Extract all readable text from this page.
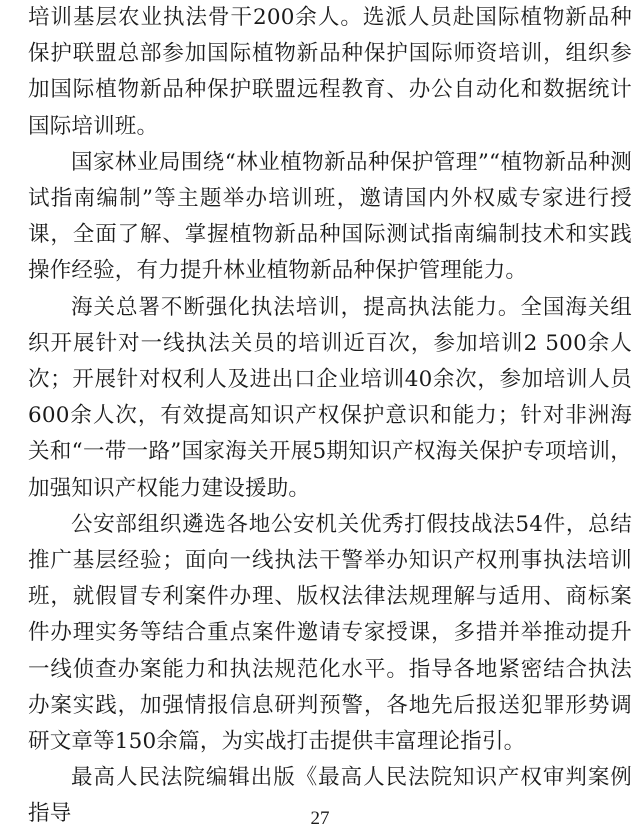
培训基层农业执法骨干200余人。选派人员赴国际植物新品种保护联盟总部参加国际植物新品种保护国际师资培训，组织参加国际植物新品种保护联盟远程教育、办公自动化和数据统计国际培训班。

国家林业局围绕“林业植物新品种保护管理”“植物新品种测试指南编制”等主题举办培训班，邀请国内外权威专家进行授课，全面了解、掌握植物新品种国际测试指南编制技术和实践操作经验，有力提升林业植物新品种保护管理能力。

海关总署不断强化执法培训，提高执法能力。全国海关组织开展针对一线执法关员的培训近百次，参加培训2 500余人次；开展针对权利人及进出口企业培训40余次，参加培训人员600余人次，有效提高知识产权保护意识和能力；针对非洲海关和“一带一路”国家海关开展5期知识产权海关保护专项培训，加强知识产权能力建设援助。

公安部组织遴选各地公安机关优秀打假技战法54件，总结推广基层经验；面向一线执法干警举办知识产权刑事执法培训班，就假冒专利案件办理、版权法律法规理解与适用、商标案件办理实务等结合重点案件邀请专家授课，多措并举推动提升一线侦查办案能力和执法规范化水平。指导各地紧密结合执法办案实践，加强情报信息研判预警，各地先后报送犯罪形势调研文章等150余篇，为实战打击提供丰富理论指引。

最高人民法院编辑出版《最高人民法院知识产权审判案例指导	27
